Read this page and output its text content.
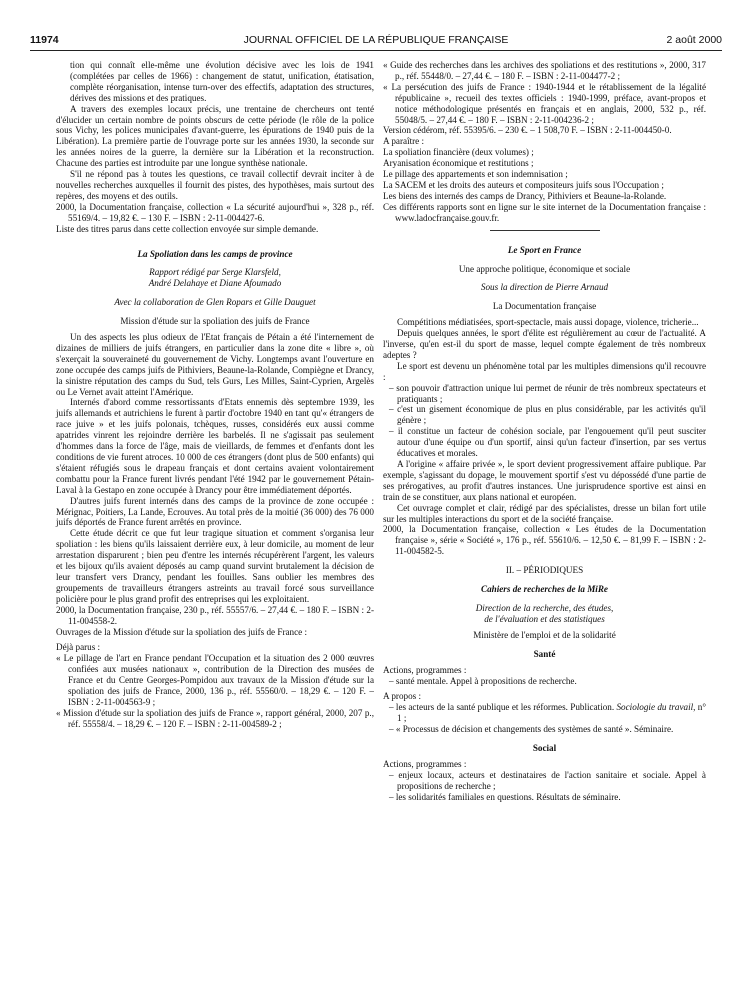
11974	JOURNAL OFFICIEL DE LA RÉPUBLIQUE FRANÇAISE	2 août 2000

tion qui connaît elle-même une évolution décisive avec les lois de 1941 (complétées par celles de 1966) : changement de statut, unification, étatisation, complète réorganisation, intense turn-over des effectifs, adaptation des structures, dérives des missions et des pratiques.

A travers des exemples locaux précis, une trentaine de chercheurs ont tenté d'élucider un certain nombre de points obscurs de cette période (le rôle de la police sous Vichy, les polices municipales d'avant-guerre, les épurations de 1940 puis de la Libération). La première partie de l'ouvrage porte sur les années 1930, la seconde sur les années noires de la guerre, la dernière sur la Libération et la reconstruction. Chacune des parties est introduite par une longue synthèse nationale.

S'il ne répond pas à toutes les questions, ce travail collectif devrait inciter à de nouvelles recherches auxquelles il fournit des pistes, des hypothèses, mais surtout des repères, des moyens et des outils.

2000, la Documentation française, collection « La sécurité aujourd'hui », 328 p., réf. 55169/4. – 19,82 €. – 130 F. – ISBN : 2-11-004427-6.

Liste des titres parus dans cette collection envoyée sur simple demande.

La Spoliation dans les camps de province

Rapport rédigé par Serge Klarsfeld,

André Delahaye et Diane Afoumado

Avec la collaboration de Glen Ropars et Gille Dauguet

Mission d'étude sur la spoliation des juifs de France

Un des aspects les plus odieux de l'Etat français de Pétain a été l'internement de dizaines de milliers de juifs étrangers, en particulier dans la zone dite « libre », où s'exerçait la souveraineté du gouvernement de Vichy. Longtemps avant l'ouverture en zone occupée des camps juifs de Pithiviers, Beaune-la-Rolande, Compiègne et Drancy, la sinistre réputation des camps du Sud, tels Gurs, Les Milles, Saint-Cyprien, Argelès ou Le Vernet avait atteint l'Amérique.

Internés d'abord comme ressortissants d'Etats ennemis dès septembre 1939, les juifs allemands et autrichiens le furent à partir d'octobre 1940 en tant qu'« étrangers de race juive » et les juifs polonais, tchèques, russes, considérés eux aussi comme apatrides vinrent les rejoindre derrière les barbelés. Il ne s'agissait pas seulement d'hommes dans la force de l'âge, mais de vieillards, de femmes et d'enfants dont les conditions de vie furent atroces. 10 000 de ces étrangers (dont plus de 500 enfants) qui s'étaient réfugiés sous le drapeau français et dont certains avaient volontairement combattu pour la France furent livrés pendant l'été 1942 par le gouvernement Pétain-Laval à la Gestapo en zone occupée à Drancy pour être immédiatement déportés.

D'autres juifs furent internés dans des camps de la province de zone occupée : Mérignac, Poitiers, La Lande, Ecrouves. Au total près de la moitié (36 000) des 76 000 juifs déportés de France furent arrêtés en province.

Cette étude décrit ce que fut leur tragique situation et comment s'organisa leur spoliation : les biens qu'ils laissaient derrière eux, à leur domicile, au moment de leur arrestation disparurent ; bien peu d'entre les internés récupérèrent l'argent, les valeurs et les bijoux qu'ils avaient déposés au camp quand survint brutalement la décision de leur transfert vers Drancy, pendant les fouilles. Sans oublier les membres des groupements de travailleurs étrangers astreints au travail forcé sous surveillance policière pour le plus grand profit des entreprises qui les exploitaient.

2000, la Documentation française, 230 p., réf. 55557/6. – 27,44 €. – 180 F. – ISBN : 2-11-004558-2.

Ouvrages de la Mission d'étude sur la spoliation des juifs de France :

Déjà parus :

« Le pillage de l'art en France pendant l'Occupation et la situation des 2 000 œuvres confiées aux musées nationaux », contribution de la Direction des musées de France et du Centre Georges-Pompidou aux travaux de la Mission d'étude sur la spoliation des juifs de France, 2000, 136 p., réf. 55560/0. – 18,29 €. – 120 F. – ISBN : 2-11-004563-9 ;

« Mission d'étude sur la spoliation des juifs de France », rapport général, 2000, 207 p., réf. 55558/4. – 18,29 €. – 120 F. – ISBN : 2-11-004589-2 ;

« Guide des recherches dans les archives des spoliations et des restitutions », 2000, 317 p., réf. 55448/0. – 27,44 €. – 180 F. – ISBN : 2-11-004477-2 ;

« La persécution des juifs de France : 1940-1944 et le rétablissement de la légalité républicaine », recueil des textes officiels : 1940-1999, préface, avant-propos et notice méthodologique présentés en français et en anglais, 2000, 532 p., réf. 55048/5. – 27,44 €. – 180 F. – ISBN : 2-11-004236-2 ;

Version cédérom, réf. 55395/6. – 230 €. – 1 508,70 F. – ISBN : 2-11-004450-0.

A paraître :

La spoliation financière (deux volumes) ;

Aryanisation économique et restitutions ;

Le pillage des appartements et son indemnisation ;

La SACEM et les droits des auteurs et compositeurs juifs sous l'Occupation ;

Les biens des internés des camps de Drancy, Pithiviers et Beaune-la-Rolande.

Ces différents rapports sont en ligne sur le site internet de la Documentation française : www.ladocfrançaise.gouv.fr.

Le Sport en France

Une approche politique, économique et sociale

Sous la direction de Pierre Arnaud

La Documentation française

Compétitions médiatisées, sport-spectacle, mais aussi dopage, violence, tricherie...

Depuis quelques années, le sport d'élite est régulièrement au cœur de l'actualité. A l'inverse, qu'en est-il du sport de masse, lequel compte également de très nombreux adeptes ?

Le sport est devenu un phénomène total par les multiples dimensions qu'il recouvre :

– son pouvoir d'attraction unique lui permet de réunir de très nombreux spectateurs et pratiquants ;

– c'est un gisement économique de plus en plus considérable, par les activités qu'il génère ;

– il constitue un facteur de cohésion sociale, par l'engouement qu'il peut susciter autour d'une équipe ou d'un sportif, ainsi qu'un facteur d'insertion, par ses vertus éducatives et morales.

A l'origine « affaire privée », le sport devient progressivement affaire publique. Par exemple, s'agissant du dopage, le mouvement sportif s'est vu dépossédé d'une partie de ses prérogatives, au profit d'autres instances. Une jurisprudence sportive est ainsi en train de se constituer, aux plans national et européen.

Cet ouvrage complet et clair, rédigé par des spécialistes, dresse un bilan fort utile sur les multiples interactions du sport et de la société française.

2000, la Documentation française, collection « Les études de la Documentation française », série « Société », 176 p., réf. 55610/6. – 12,50 €. – 81,99 F. – ISBN : 2-11-004582-5.

II. – PÉRIODIQUES

Cahiers de recherches de la MiRe

Direction de la recherche, des études,

de l'évaluation et des statistiques

Ministère de l'emploi et de la solidarité

Santé

Actions, programmes :

– santé mentale. Appel à propositions de recherche.

A propos :

– les acteurs de la santé publique et les réformes. Publication. Sociologie du travail, n° 1 ;

– « Processus de décision et changements des systèmes de santé ». Séminaire.

Social

Actions, programmes :

– enjeux locaux, acteurs et destinataires de l'action sanitaire et sociale. Appel à propositions de recherche ;

– les solidarités familiales en questions. Résultats de séminaire.
